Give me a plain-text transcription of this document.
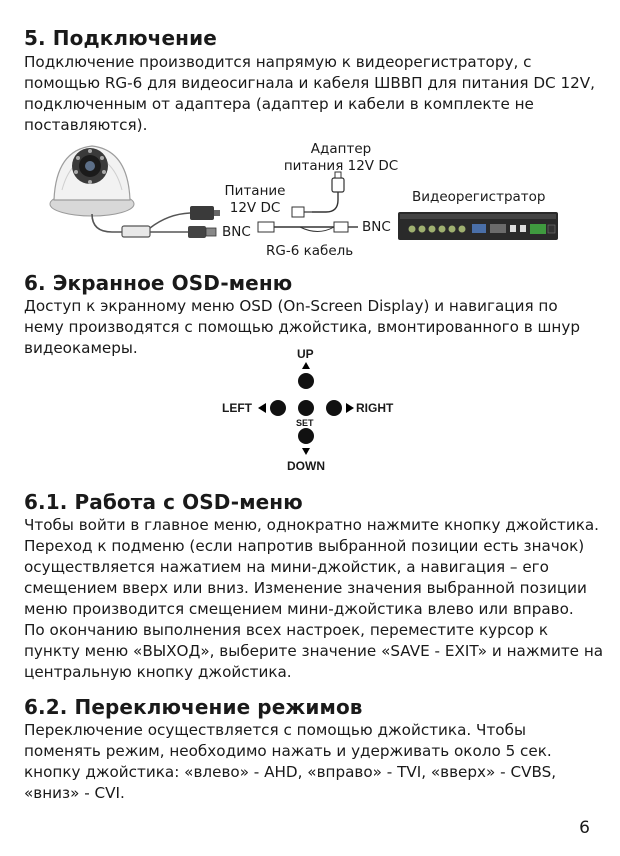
5. Подключение
Подключение производится напрямую к видеорегистратору, с
помощью RG-6 для видеосигнала и кабеля ШВВП для питания DC 12V,
подключенным от адаптера (адаптер и кабели в комплекте не
поставляются).
Адаптер
питания 12V DC
Питание
12V DC
BNC	BNC
RG-6 кабель
Видеорегистратор
6. Экранное OSD-меню
Доступ к экранному меню OSD (On-Screen Display) и навигация по
нему производятся с помощью джойстика, вмонтированного в шнур
видеокамеры.	UP
LEFT	RIGHT
SET
DOWN
6.1. Работа с OSD-меню
Чтобы войти в главное меню, однократно нажмите кнопку джойстика.
Переход к подменю (если напротив выбранной позиции есть значок)
осуществляется нажатием на мини-джойстик, а навигация – его
смещением вверх или вниз. Изменение значения выбранной позиции
меню производится смещением мини-джойстика влево или вправо.
По окончанию выполнения всех настроек, переместите курсор к
пункту меню «ВЫХОД», выберите значение «SAVE - EXIT» и нажмите на
центральную кнопку джойстика.
6.2. Переключение режимов
Переключение осуществляется с помощью джойстика. Чтобы
поменять режим, необходимо нажать и удерживать около 5 сек.
кнопку джойстика: «влево» - AHD, «вправо» - TVI, «вверх» - CVBS,
«вниз» - CVI.
6
